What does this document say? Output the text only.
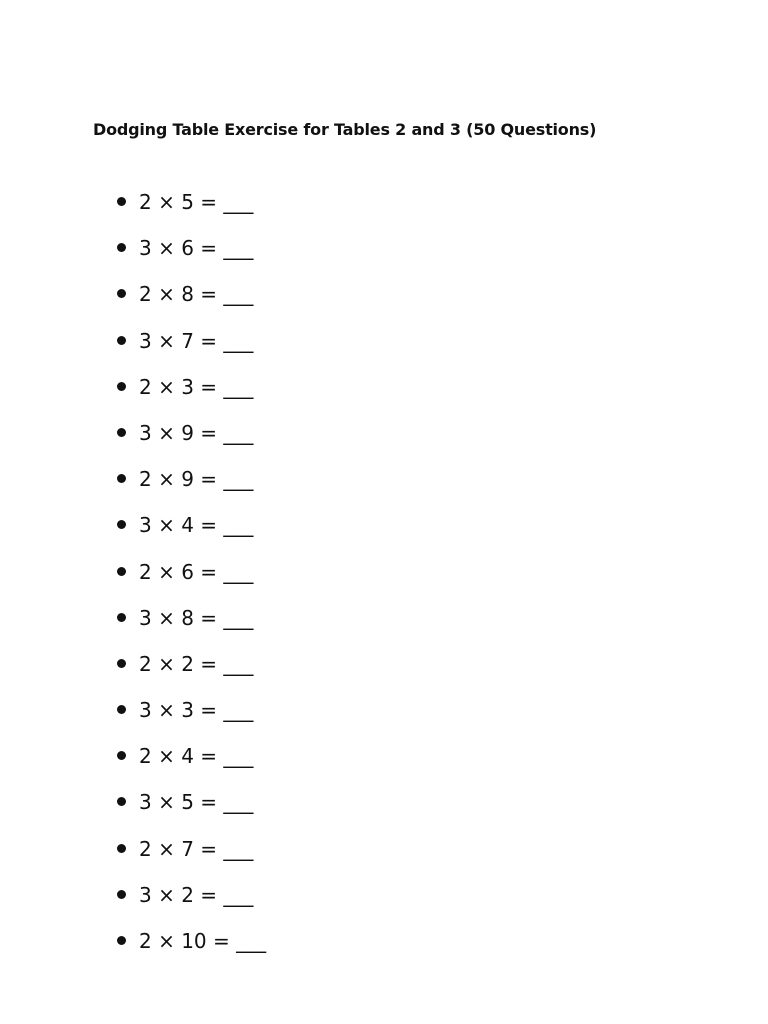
Dodging Table Exercise for Tables 2 and 3 (50 Questions)
2 × 5 = ___
3 × 6 = ___
2 × 8 = ___
3 × 7 = ___
2 × 3 = ___
3 × 9 = ___
2 × 9 = ___
3 × 4 = ___
2 × 6 = ___
3 × 8 = ___
2 × 2 = ___
3 × 3 = ___
2 × 4 = ___
3 × 5 = ___
2 × 7 = ___
3 × 2 = ___
2 × 10 = ___
